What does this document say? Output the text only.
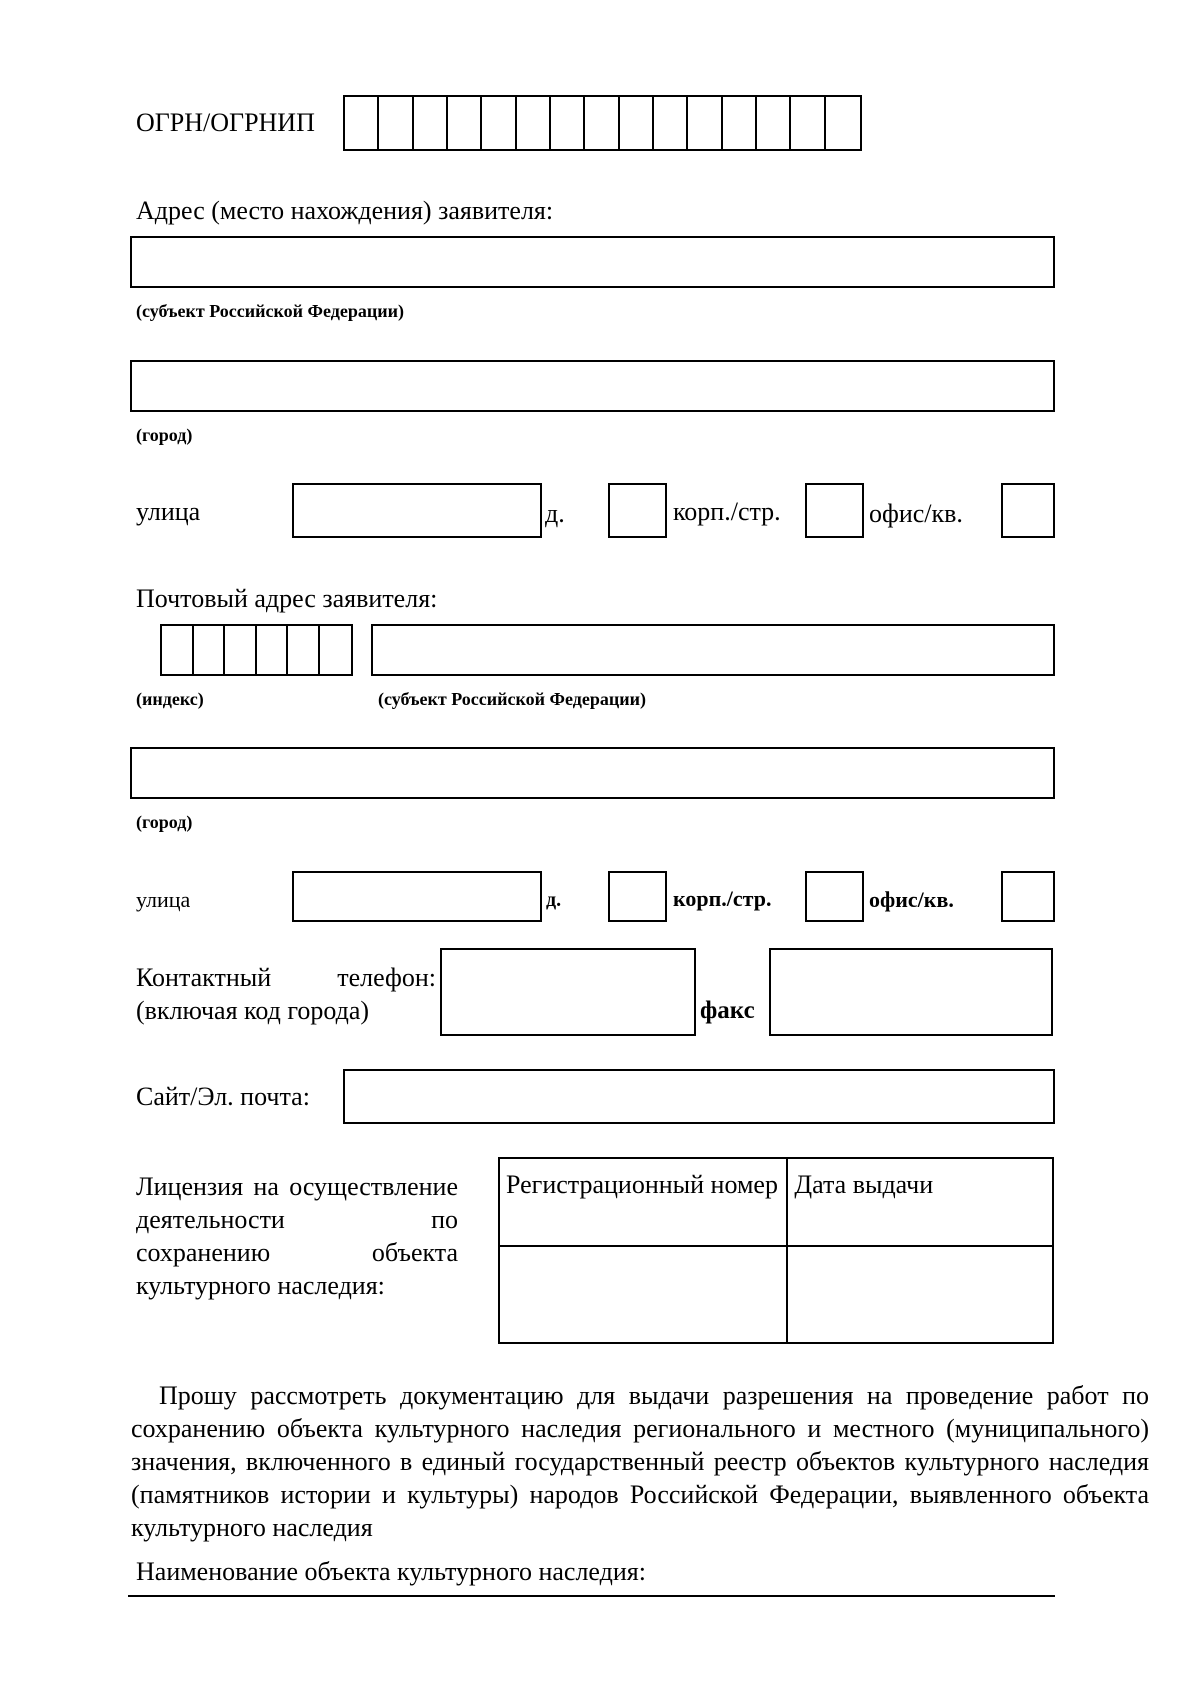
ОГРН/ОГРНИП
Адрес (место нахождения) заявителя:
(субъект Российской Федерации)
(город)
улица	д.	корп./стр.	офис/кв.
Почтовый адрес заявителя:
(индекс)	(субъект Российской Федерации)
(город)
улица	д.	корп./стр.	офис/кв.
Контактный телефон:
(включая код города)	факс
Сайт/Эл. почта:
Лицензия на осуществление деятельности по сохранению объекта культурного наследия:
Регистрационный номер	Дата выдачи

Прошу рассмотреть документацию для выдачи разрешения на проведение работ по сохранению объекта культурного наследия регионального и местного (муниципального) значения, включенного в единый государственный реестр объектов культурного наследия (памятников истории и культуры) народов Российской Федерации, выявленного объекта культурного наследия
Наименование объекта культурного наследия:
